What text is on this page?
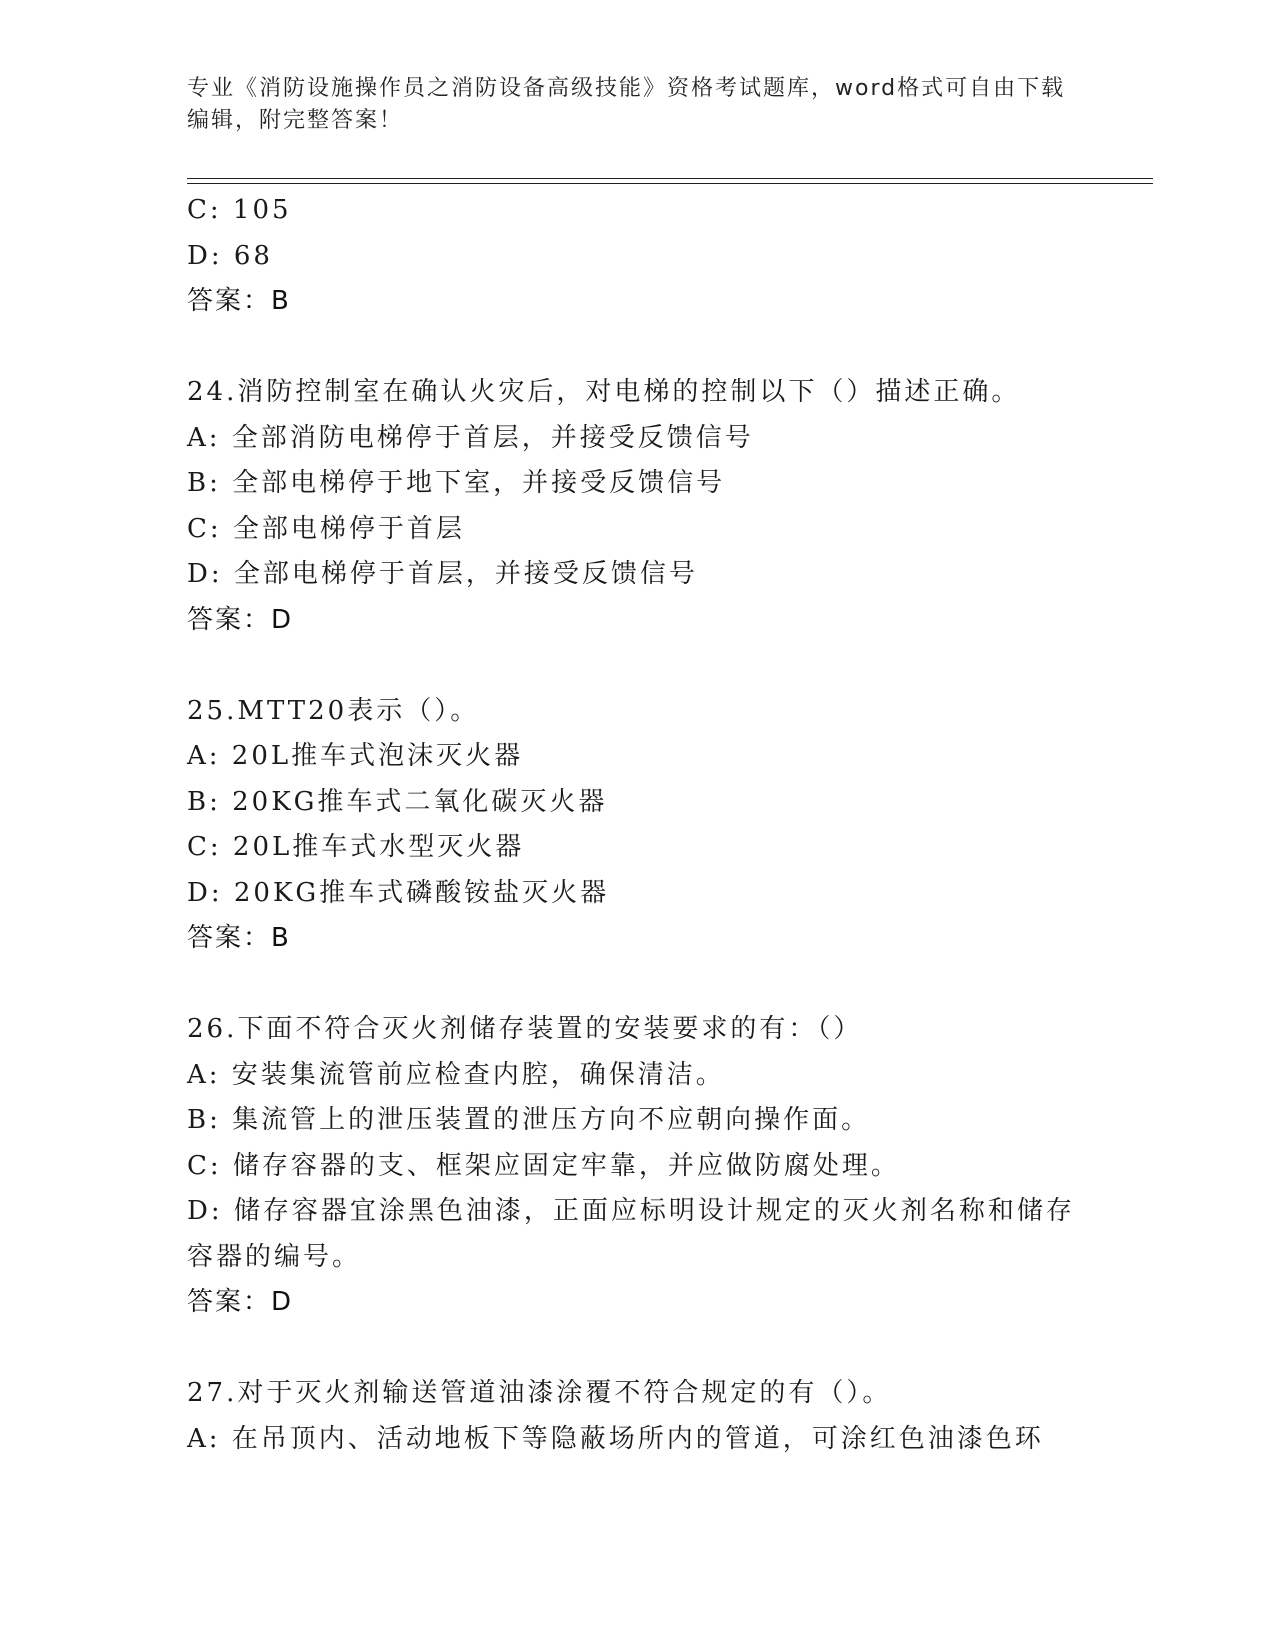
专业《消防设施操作员之消防设备高级技能》资格考试题库，word格式可自由下载编辑，附完整答案！
C: 105
D: 68
答案：B
24.消防控制室在确认火灾后，对电梯的控制以下（）描述正确。
A: 全部消防电梯停于首层，并接受反馈信号
B: 全部电梯停于地下室，并接受反馈信号
C: 全部电梯停于首层
D: 全部电梯停于首层，并接受反馈信号
答案：D
25.MTT20表示（）。
A: 20L推车式泡沫灭火器
B: 20KG推车式二氧化碳灭火器
C: 20L推车式水型灭火器
D: 20KG推车式磷酸铵盐灭火器
答案：B
26.下面不符合灭火剂储存装置的安装要求的有：（）
A: 安装集流管前应检查内腔，确保清洁。
B: 集流管上的泄压装置的泄压方向不应朝向操作面。
C: 储存容器的支、框架应固定牢靠，并应做防腐处理。
D: 储存容器宜涂黑色油漆，正面应标明设计规定的灭火剂名称和储存容器的编号。
答案：D
27.对于灭火剂输送管道油漆涂覆不符合规定的有（）。
A: 在吊顶内、活动地板下等隐蔽场所内的管道，可涂红色油漆色环
